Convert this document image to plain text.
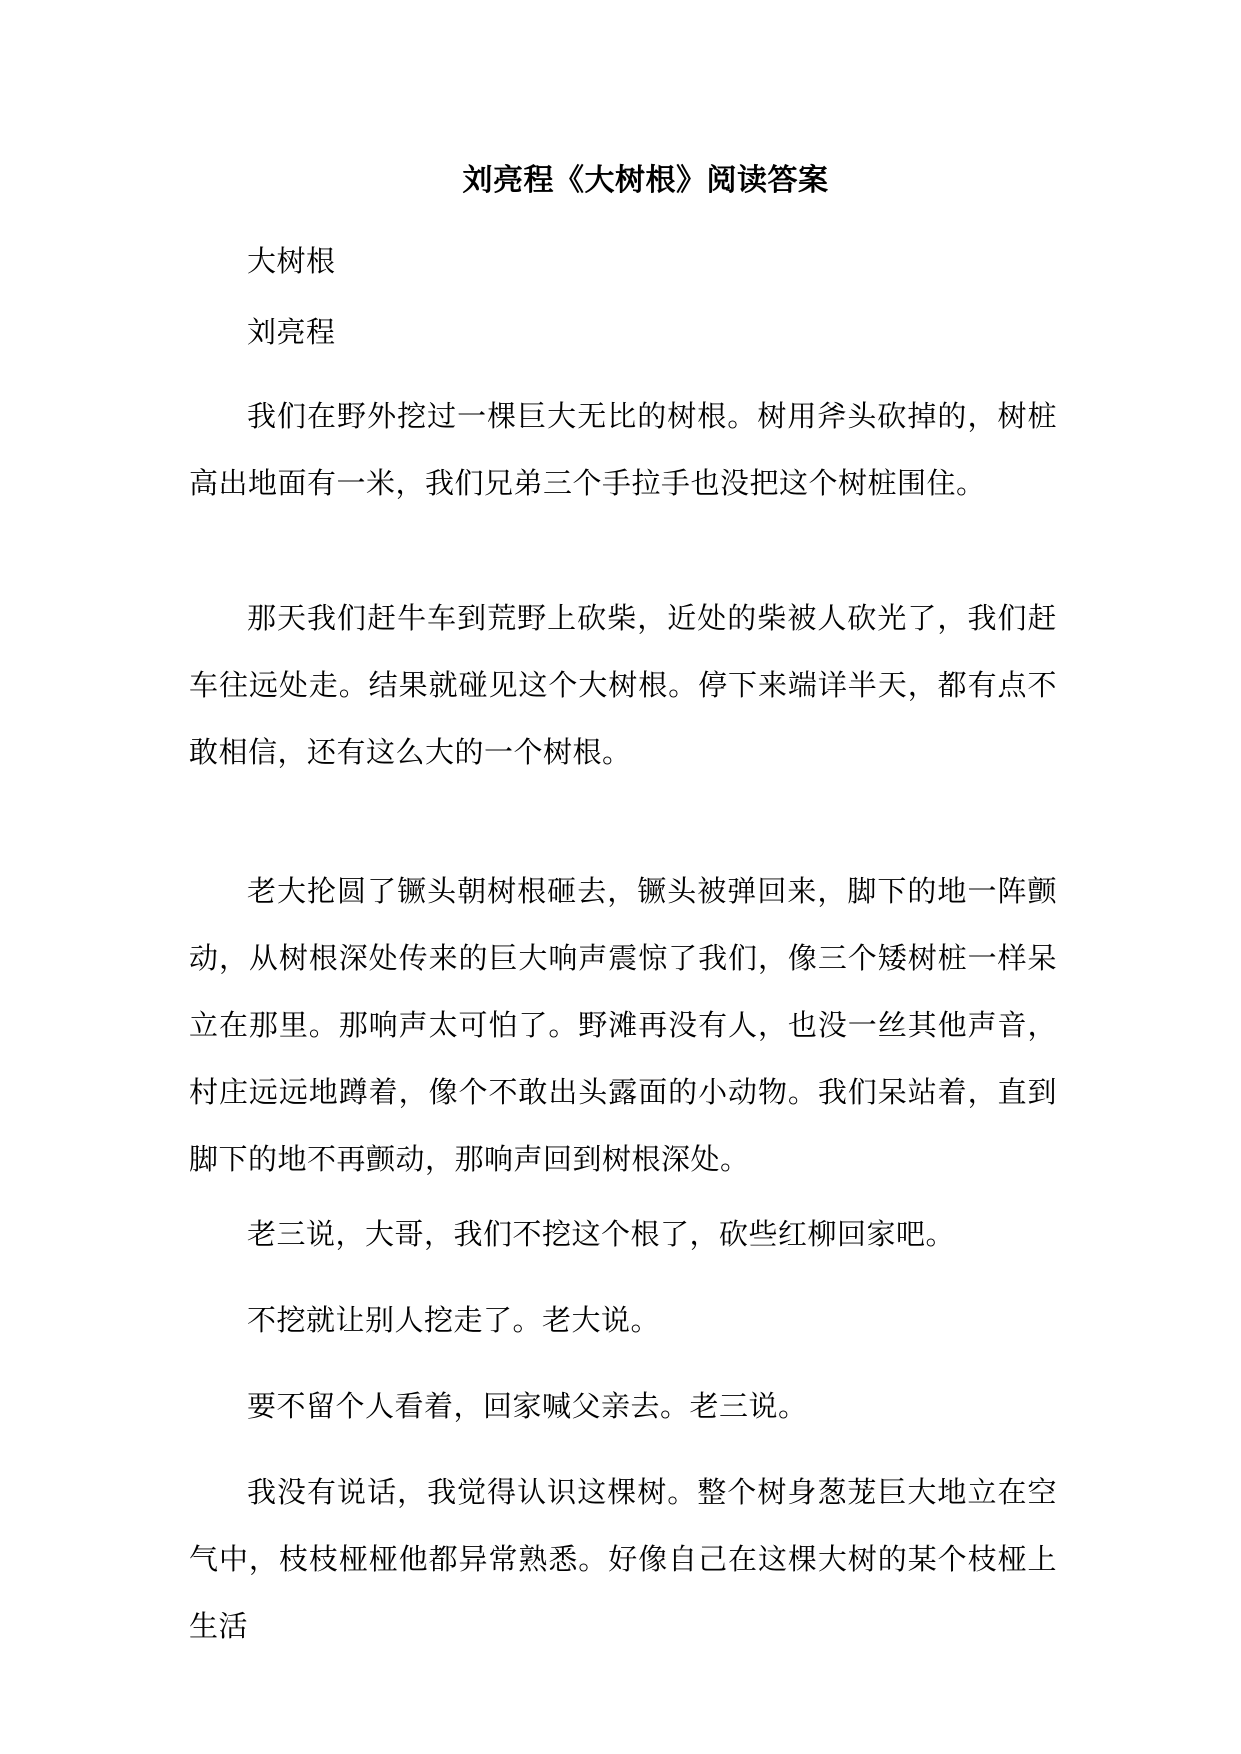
刘亮程《大树根》阅读答案

大树根

刘亮程

我们在野外挖过一棵巨大无比的树根。树用斧头砍掉的，树桩高出地面有一米，我们兄弟三个手拉手也没把这个树桩围住。

那天我们赶牛车到荒野上砍柴，近处的柴被人砍光了，我们赶车往远处走。结果就碰见这个大树根。停下来端详半天，都有点不敢相信，还有这么大的一个树根。

老大抡圆了镢头朝树根砸去，镢头被弹回来，脚下的地一阵颤动，从树根深处传来的巨大响声震惊了我们，像三个矮树桩一样呆立在那里。那响声太可怕了。野滩再没有人，也没一丝其他声音，村庄远远地蹲着，像个不敢出头露面的小动物。我们呆站着，直到脚下的地不再颤动，那响声回到树根深处。

老三说，大哥，我们不挖这个根了，砍些红柳回家吧。

不挖就让别人挖走了。老大说。

要不留个人看着，回家喊父亲去。老三说。

我没有说话，我觉得认识这棵树。整个树身葱茏巨大地立在空气中，枝枝桠桠他都异常熟悉。好像自己在这棵大树的某个枝桠上生活
